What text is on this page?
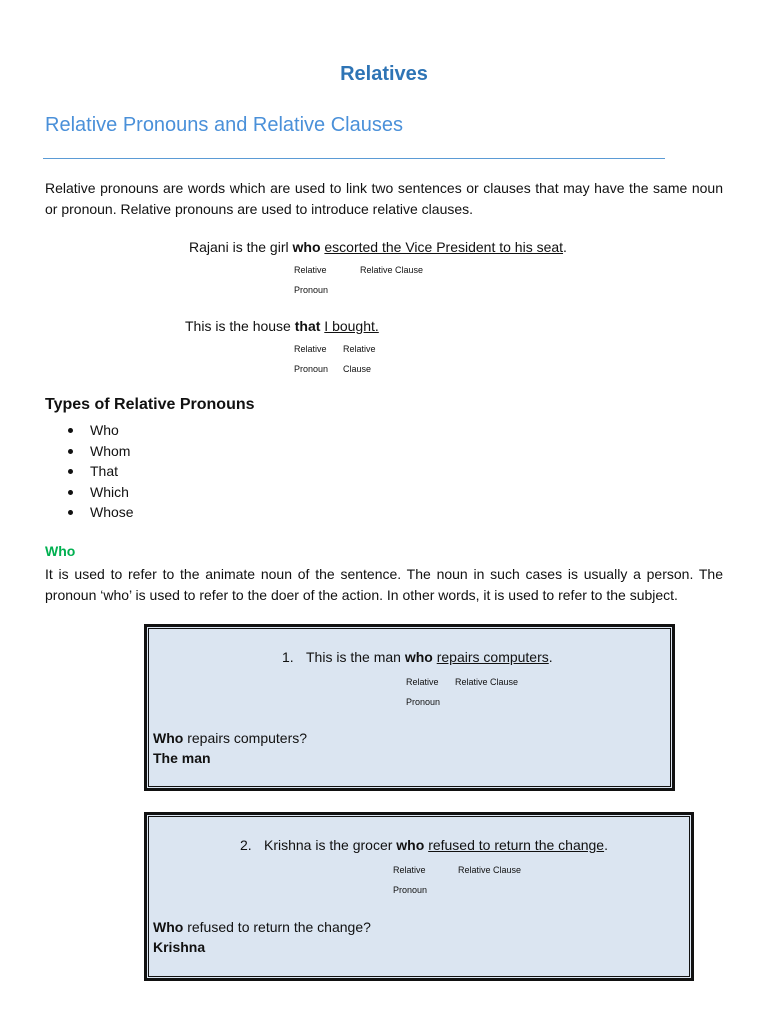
Relatives
Relative Pronouns and Relative Clauses
Relative pronouns are words which are used to link two sentences or clauses that may have the same noun or pronoun. Relative pronouns are used to introduce relative clauses.
Rajani is the girl who escorted the Vice President to his seat.
Relative	Relative Clause
Pronoun
This is the house that I bought.
Relative Relative
Pronoun Clause
Types of Relative Pronouns
Who
Whom
That
Which
Whose
Who
It is used to refer to the animate noun of the sentence. The noun in such cases is usually a person. The pronoun ‘who’ is used to refer to the doer of the action. In other words, it is used to refer to the subject.
1. This is the man who repairs computers.
Relative Relative Clause
Pronoun
Who repairs computers?
The man
2. Krishna is the grocer who refused to return the change.
Relative	Relative Clause
Pronoun
Who refused to return the change?
Krishna
